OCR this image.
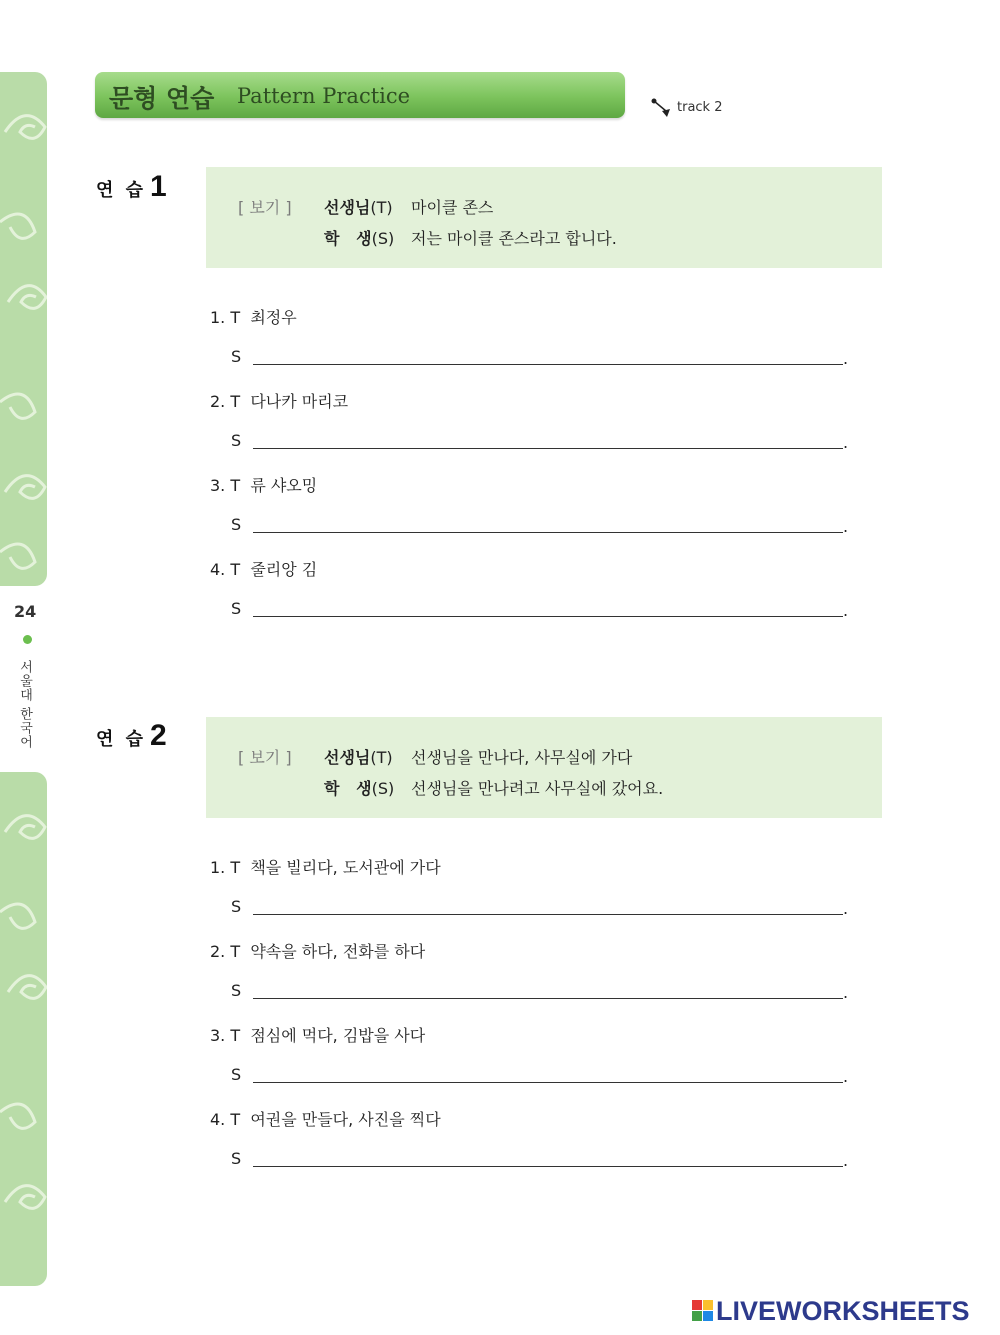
24
서울대 한국어
문형 연습 Pattern Practice	track 2
연 습 1
[ 보기 ] 선생님(T) 마이클 존스
학   생(S) 저는 마이클 존스라고 합니다.
1. T 최정우
S	.
2. T 다나카 마리코
S	.
3. T 류 샤오밍
S	.
4. T 줄리앙 김
S	.
연 습 2
[ 보기 ] 선생님(T) 선생님을 만나다, 사무실에 가다
학   생(S) 선생님을 만나려고 사무실에 갔어요.
1. T 책을 빌리다, 도서관에 가다
S	.
2. T 약속을 하다, 전화를 하다
S	.
3. T 점심에 먹다, 김밥을 사다
S	.
4. T 여권을 만들다, 사진을 찍다
S	.
LIVEWORKSHEETS
